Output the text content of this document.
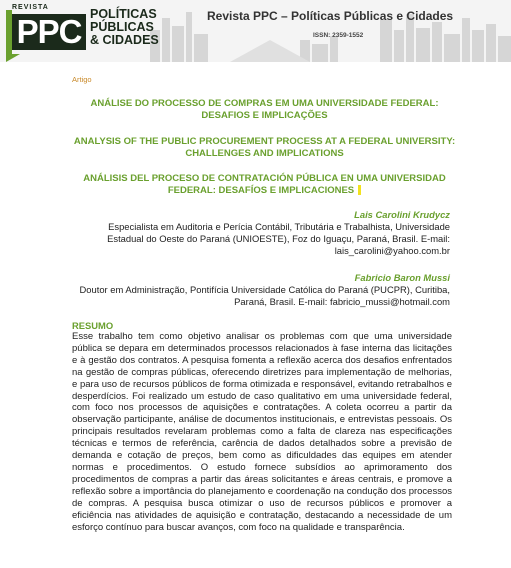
REVISTA
PPC POLÍTICAS
PÚBLICAS
& CIDADES
Revista PPC – Políticas Públicas e Cidades
ISSN: 2359-1552
Artigo
ANÁLISE DO PROCESSO DE COMPRAS EM UMA UNIVERSIDADE FEDERAL: DESAFIOS E IMPLICAÇÕES
ANALYSIS OF THE PUBLIC PROCUREMENT PROCESS AT A FEDERAL UNIVERSITY: CHALLENGES AND IMPLICATIONS
ANÁLISIS DEL PROCESO DE CONTRATACIÓN PÚBLICA EN UMA UNIVERSIDAD FEDERAL: DESAFÍOS E IMPLICACIONES
Lais Carolini Krudycz
Especialista em Auditoria e Perícia Contábil, Tributária e Trabalhista, Universidade Estadual do Oeste do Paraná (UNIOESTE), Foz do Iguaçu, Paraná, Brasil. E-mail: lais_carolini@yahoo.com.br
Fabricio Baron Mussi
Doutor em Administração, Pontifícia Universidade Católica do Paraná (PUCPR), Curitiba, Paraná, Brasil. E-mail: fabricio_mussi@hotmail.com
RESUMO
Esse trabalho tem como objetivo analisar os problemas com que uma universidade pública se depara em determinados processos relacionados à fase interna das licitações e à gestão dos contratos. A pesquisa fomenta a reflexão acerca dos desafios enfrentados na gestão de compras públicas, oferecendo diretrizes para implementação de melhorias, e para uso de recursos públicos de forma otimizada e responsável, evitando retrabalhos e desperdícios. Foi realizado um estudo de caso qualitativo em uma universidade federal, com foco nos processos de aquisições e contratações. A coleta ocorreu a partir da observação participante, análise de documentos institucionais, e entrevistas pessoais. Os principais resultados revelaram problemas como a falta de clareza nas especificações técnicas e termos de referência, carência de dados detalhados sobre a previsão de demanda e cotação de preços, bem como as dificuldades das equipes em atender normas e procedimentos. O estudo fornece subsídios ao aprimoramento dos procedimentos de compras a partir das áreas solicitantes e áreas centrais, e promove a reflexão sobre a importância do planejamento e coordenação na condução dos processos de compras. A pesquisa busca otimizar o uso de recursos públicos e promover a eficiência nas atividades de aquisição e contratação, destacando a necessidade de um esforço contínuo para buscar avanços, com foco na qualidade e transparência.
